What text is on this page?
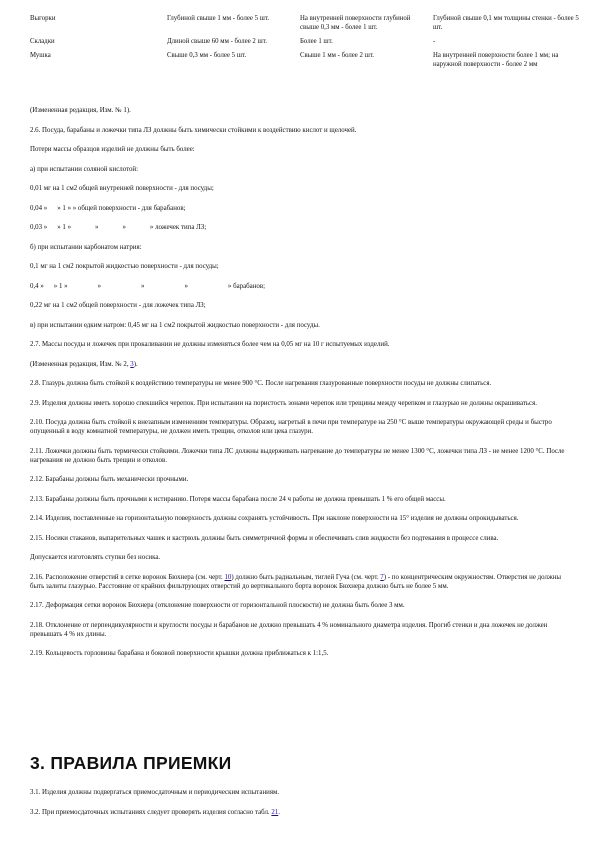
Выгорки	Глубиной свыше 1 мм - более 5 шт.	На внутренней поверхности глубиной свыше 0,3 мм - более 1 шт.	Глубиной свыше 0,1 мм толщины стенки - более 5 шт.
Складки	Длиной свыше 60 мм - более 2 шт.	Более 1 шт.	-
Мушка	Свыше 0,3 мм - более 5 шт.	Свыше 1 мм - более 2 шт.	На внутренней поверхности более 1 мм; на наружной поверхности - более 2 мм

(Измененная редакция, Изм. № 1).

2.6. Посуда, барабаны и ложечки типа ЛЗ должны быть химически стойкими к воздействию кислот и щелочей.

Потери массы образцов изделий не должны быть более:

а) при испытании соляной кислотой:

0,01 мг на 1 см2 общей внутренней поверхности - для посуды;

0,04 » » 1 » » общей поверхности - для барабанов;

0,03 » » 1 »	»	»	» ложечек типа ЛЗ;

б) при испытании карбонатом натрия:

0,1 мг на 1 см2 покрытой жидкостью поверхности - для посуды;

0,4 » » 1 »	»	»	»	» барабанов;

0,22 мг на 1 см2 общей поверхности - для ложечек типа ЛЗ;

в) при испытании едким натром: 0,45 мг на 1 см2 покрытой жидкостью поверхности - для посуды.

2.7. Массы посуды и ложечек при прокаливании не должны изменяться более чем на 0,05 мг на 10 г испытуемых изделий.

(Измененная редакция, Изм. № 2, 3).

2.8. Глазурь должна быть стойкой к воздействию температуры не менее 900 °С. После нагревания глазурованные поверхности посуды не должны слипаться.

2.9. Изделия должны иметь хорошо спекшийся черепок. При испытании на пористость зонами черепок или трещины между черепком и глазурью не должны окрашиваться.

2.10. Посуда должна быть стойкой к внезапным изменениям температуры. Образец, нагретый в печи при температуре на 250 °С выше температуры окружающей среды и быстро опущенный в воду комнатной температуры, не должен иметь трещин, отколов или цека глазури.

2.11. Ложечки должны быть термически стойкими. Ложечки типа ЛС должны выдерживать нагревание до температуры не менее 1300 °С, ложечки типа ЛЗ - не менее 1200 °С. После нагревания не должно быть трещин и отколов.

2.12. Барабаны должны быть механически прочными.

2.13. Барабаны должны быть прочными к истиранию. Потеря массы барабана после 24 ч работы не должна превышать 1 % его общей массы.

2.14. Изделия, поставленные на горизонтальную поверхность должны сохранять устойчивость. При наклоне поверхности на 15° изделия не должны опрокидываться.

2.15. Носики стаканов, выпарительных чашек и кастрюль должны быть симметричной формы и обеспечивать слив жидкости без подтекания в процессе слива.

Допускается изготовлять ступки без носика.

2.16. Расположение отверстий в сетке воронок Бюхнера (см. черт. 10) должно быть радиальным, тиглей Гуча (см. черт. 7) - по концентрическим окружностям. Отверстия не должны быть залиты глазурью. Расстояние от крайних фильтрующих отверстий до вертикального борта воронок Бюхнера должно быть не более 5 мм.

2.17. Деформация сетки воронок Бюхнера (отклонение поверхности от горизонтальной плоскости) не должна быть более 3 мм.

2.18. Отклонение от перпендикулярности и круглости посуды и барабанов не должно превышать 4 % номинального диаметра изделия. Прогиб стенки и дна ложечек не должен превышать 4 % их длины.

2.19. Кольцевость горловины барабана и боковой поверхности крышки должна приближаться к 1:1,5.

3. ПРАВИЛА ПРИЕМКИ

3.1. Изделия должны подвергаться приемосдаточным и периодическим испытаниям.

3.2. При приемосдаточных испытаниях следует проверять изделия согласно табл. 21.
